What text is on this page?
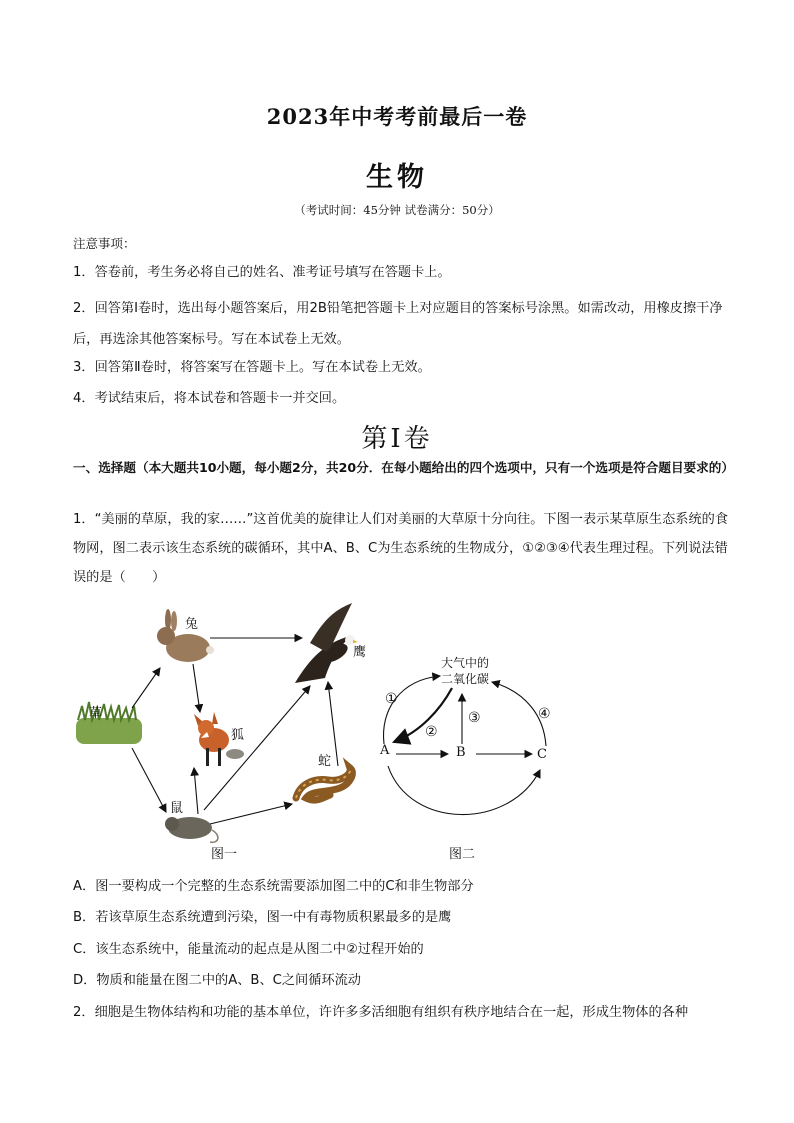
2023年中考考前最后一卷
生物
（考试时间：45分钟 试卷满分：50分）
注意事项：
1．答卷前，考生务必将自己的姓名、准考证号填写在答题卡上。
2．回答第Ⅰ卷时，选出每小题答案后，用2B铅笔把答题卡上对应题目的答案标号涂黑。如需改动，用橡皮擦干净后，再选涂其他答案标号。写在本试卷上无效。
3．回答第Ⅱ卷时，将答案写在答题卡上。写在本试卷上无效。
4．考试结束后，将本试卷和答题卡一并交回。
第Ⅰ卷
一、选择题（本大题共10小题，每小题2分，共20分．在每小题给出的四个选项中，只有一个选项是符合题目要求的）
1．“美丽的草原，我的家……”这首优美的旋律让人们对美丽的大草原十分向往。下图一表示某草原生态系统的食物网，图二表示该生态系统的碳循环，其中A、B、C为生态系统的生物成分，①②③④代表生理过程。下列说法错误的是（　　）
兔
鹰
草
狐
蛇
鼠
图一
大气中的
二氧化碳
①
④
③
②
A	B	C
图二
A．图一要构成一个完整的生态系统需要添加图二中的C和非生物部分
B．若该草原生态系统遭到污染，图一中有毒物质积累最多的是鹰
C．该生态系统中，能量流动的起点是从图二中②过程开始的
D．物质和能量在图二中的A、B、C之间循环流动
2．细胞是生物体结构和功能的基本单位，许许多多活细胞有组织有秩序地结合在一起，形成生物体的各种
